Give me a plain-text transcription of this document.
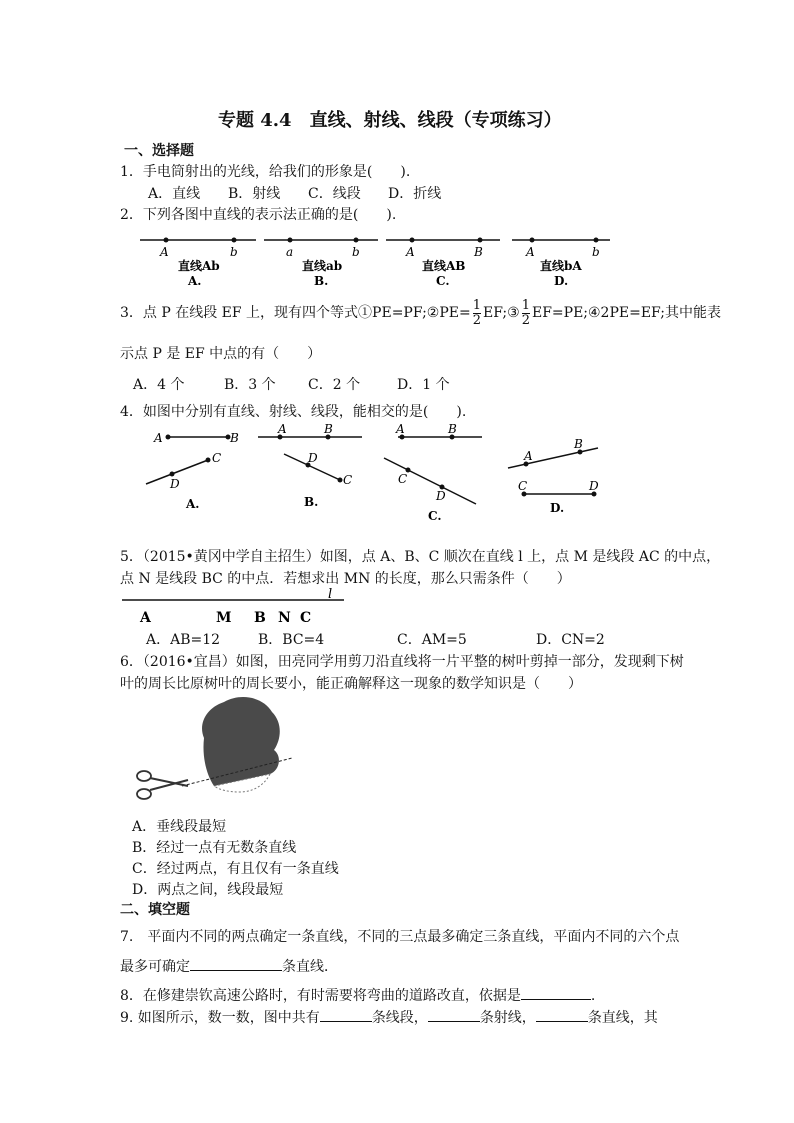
专题 4.4　直线、射线、线段（专项练习）
一、选择题
1．手电筒射出的光线，给我们的形象是(　　).
A．直线 B．射线 C．线段 D．折线
2．下列各图中直线的表示法正确的是(　　).
A	b
直线Ab
A.
a	b
直线ab
B.
A	B
直线AB
C.
A	b
直线bA
D.
3．点 P 在线段 EF 上，现有四个等式①PE=PF;②PE= $\frac{1}{2}$ EF;③ $\frac{1}{2}$ EF=PE;④2PE=EF;其中能表
示点 P 是 EF 中点的有（　　）
A．4 个	B．3 个 C．2 个	D．1 个
4．如图中分别有直线、射线、线段，能相交的是(　　).
A	B
D
C
A.
A	B
D
C
B.
A	B
C
D
C.
A
B
C	D
D.
5．（2015•黄冈中学自主招生）如图，点 A、B、C 顺次在直线 l 上，点 M 是线段 AC 的中点，
点 N 是线段 BC 的中点．若想求出 MN 的长度，那么只需条件（　　）
A	M B N C
l
A．AB=12	B．BC=4	C．AM=5	D．CN=2
6．（2016•宜昌）如图，田亮同学用剪刀沿直线将一片平整的树叶剪掉一部分，发现剩下树
叶的周长比原树叶的周长要小，能正确解释这一现象的数学知识是（　　）
A．垂线段最短
B．经过一点有无数条直线
C．经过两点，有且仅有一条直线
D．两点之间，线段最短
二、填空题
7.　平面内不同的两点确定一条直线，不同的三点最多确定三条直线，平面内不同的六个点
最多可确定	条直线．
8．在修建崇钦高速公路时，有时需要将弯曲的道路改直，依据是	.
9. 如图所示，数一数，图中共有	条线段，	条射线，	条直线，其
